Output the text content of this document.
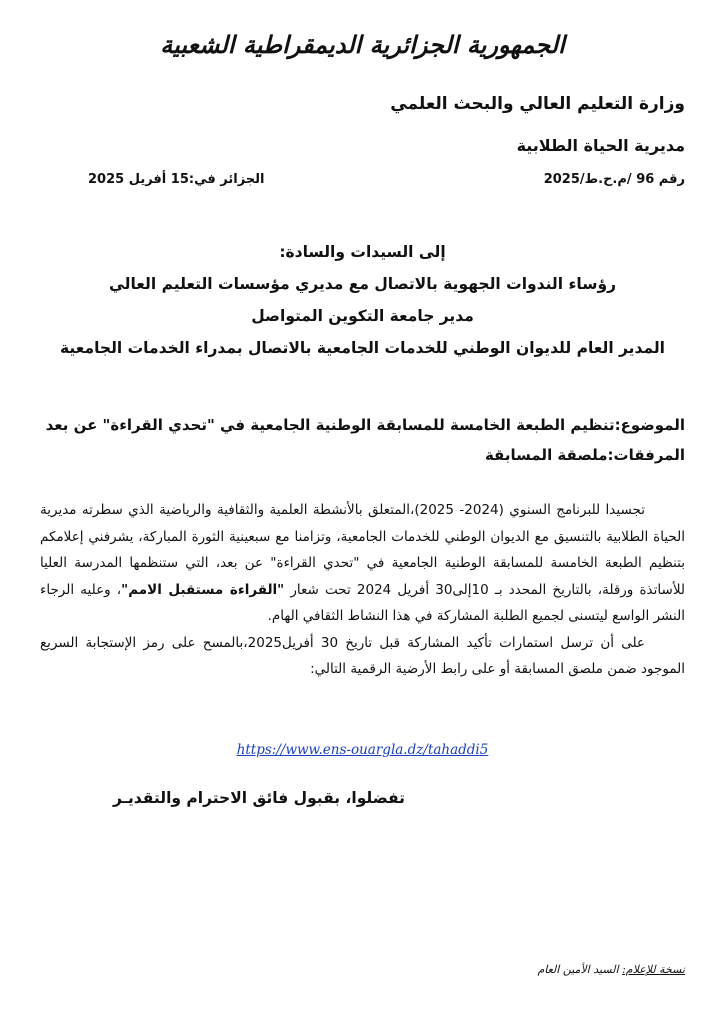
الجمهورية الجزائرية الديمقراطية الشعبية
وزارة التعليم العالي والبحث العلمي
مديرية الحياة الطلابية
رقم 96 /م.ح.ط/2025
الجزائر في:15 أفريل 2025
إلى السيدات والسادة:
رؤساء الندوات الجهوية بالاتصال مع مديري مؤسسات التعليم العالي
مدير جامعة التكوين المتواصل
المدير العام للديوان الوطني للخدمات الجامعية بالاتصال بمدراء الخدمات الجامعية
الموضوع:تنظيم الطبعة الخامسة للمسابقة الوطنية الجامعية في "تحدي القراءة" عن بعد
المرفقات:ملصقة المسابقة

تجسيدا للبرنامج السنوي (2024- 2025)،المتعلق بالأنشطة العلمية والثقافية والرياضية الذي سطرته مديرية الحياة الطلابية بالتنسيق مع الديوان الوطني للخدمات الجامعية، وتزامنا مع سبعينية الثورة المباركة، يشرفني إعلامكم بتنظيم الطبعة الخامسة للمسابقة الوطنية الجامعية في "تحدي القراءة" عن بعد، التي ستنظمها المدرسة العليا للأساتذة ورقلة، بالتاريخ المحدد بـ 10إلى30 أفريل 2024 تحت شعار "القراءة مستقبل الامم"، وعليه الرجاء النشر الواسع ليتسنى لجميع الطلبة المشاركة في هذا النشاط الثقافي الهام.

على أن ترسل استمارات تأكيد المشاركة قبل تاريخ 30 أفريل2025،بالمسح على رمز الإستجابة السريع الموجود ضمن ملصق المسابقة أو على رابط الأرضية الرقمية التالي:

https://www.ens-ouargla.dz/tahaddi5
تفضلوا، بقبول فائق الاحترام والتقديـر
نسخة للإعلام: السيد الأمين العام
